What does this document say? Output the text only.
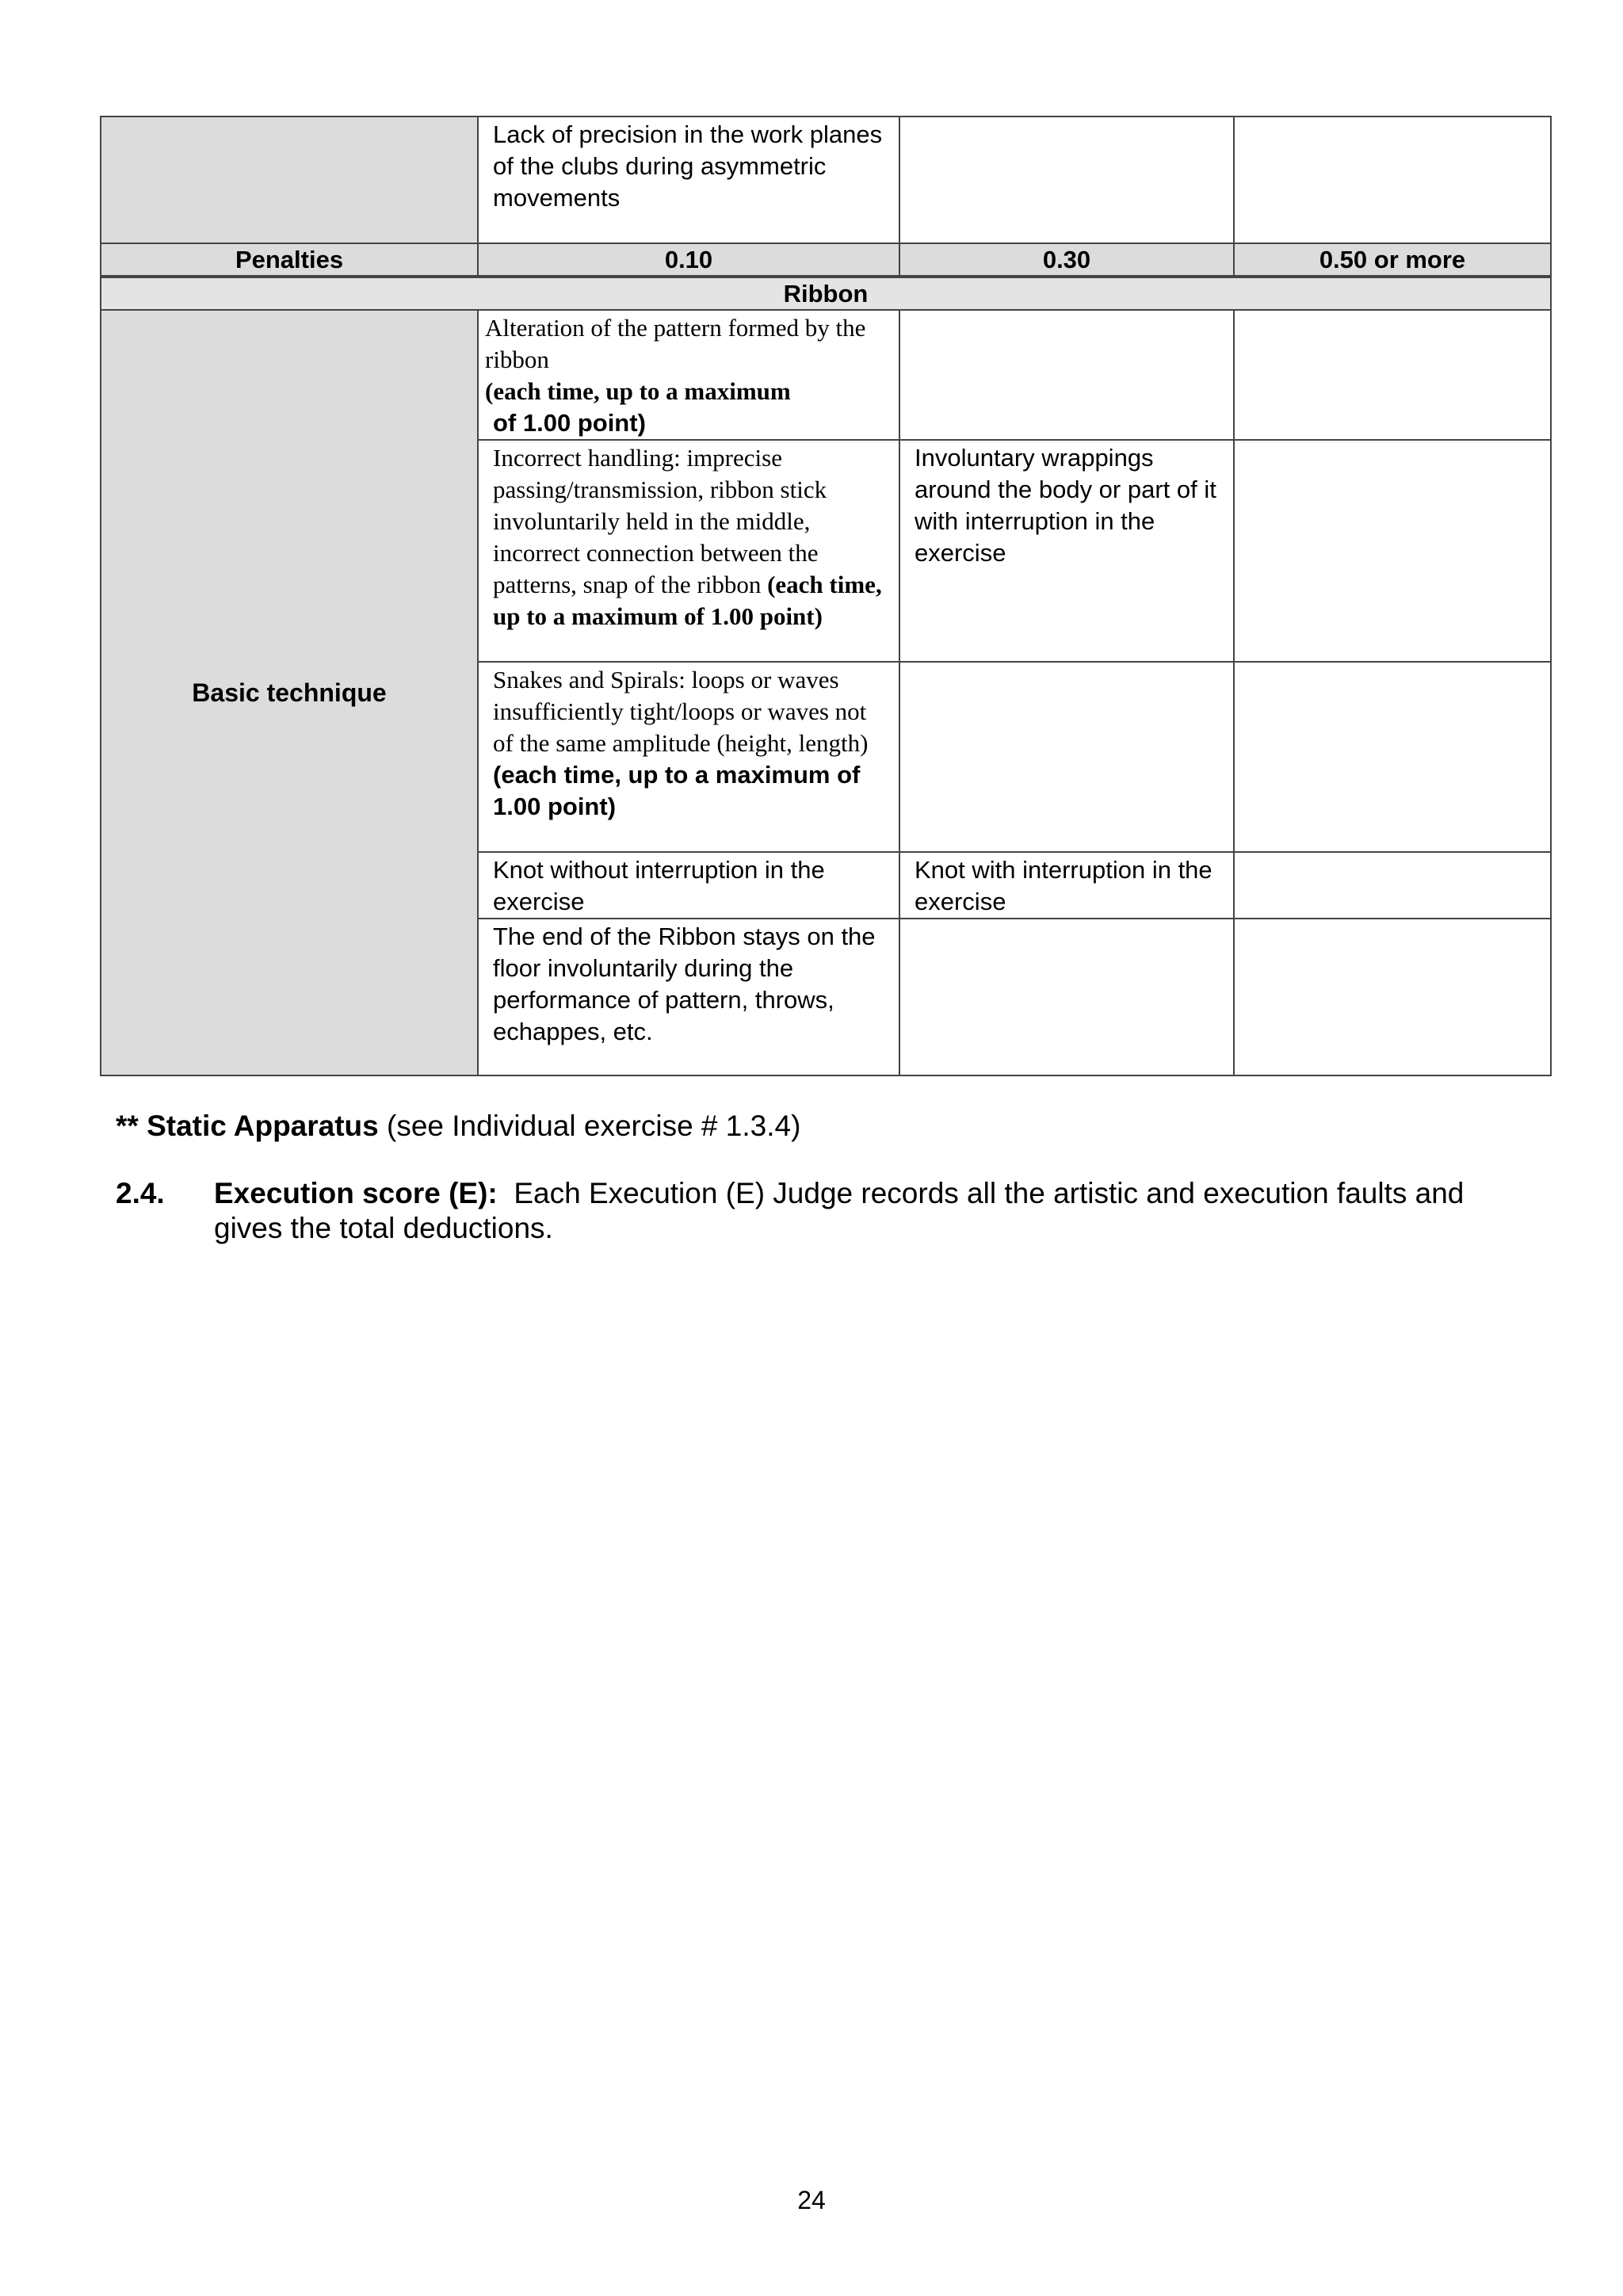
	Lack of precision in the work planes of the clubs during asymmetric movements		

Penalties	0.10	0.30	0.50 or more
Ribbon			
Basic technique	Alteration of the pattern formed by the ribbon
(each time, up to a maximum
of 1.00 point)		

	Incorrect handling: imprecise passing/transmission, ribbon stick involuntarily held in the middle, incorrect connection between the patterns, snap of the ribbon (each time, up to a maximum of 1.00 point)	Involuntary wrappings around the body or part of it with interruption in the exercise	

	Snakes and Spirals: loops or waves insufficiently tight/loops or waves not of the same amplitude (height, length)
(each time, up to a maximum of 1.00 point)		

	Knot without interruption in the exercise	Knot with interruption in the exercise	

	The end of the Ribbon stays on the floor involuntarily during the performance of pattern, throws, echappes, etc.		

** Static Apparatus (see Individual exercise # 1.3.4)
2.4. Execution score (E): Each Execution (E) Judge records all the artistic and execution faults and gives the total deductions.
24
